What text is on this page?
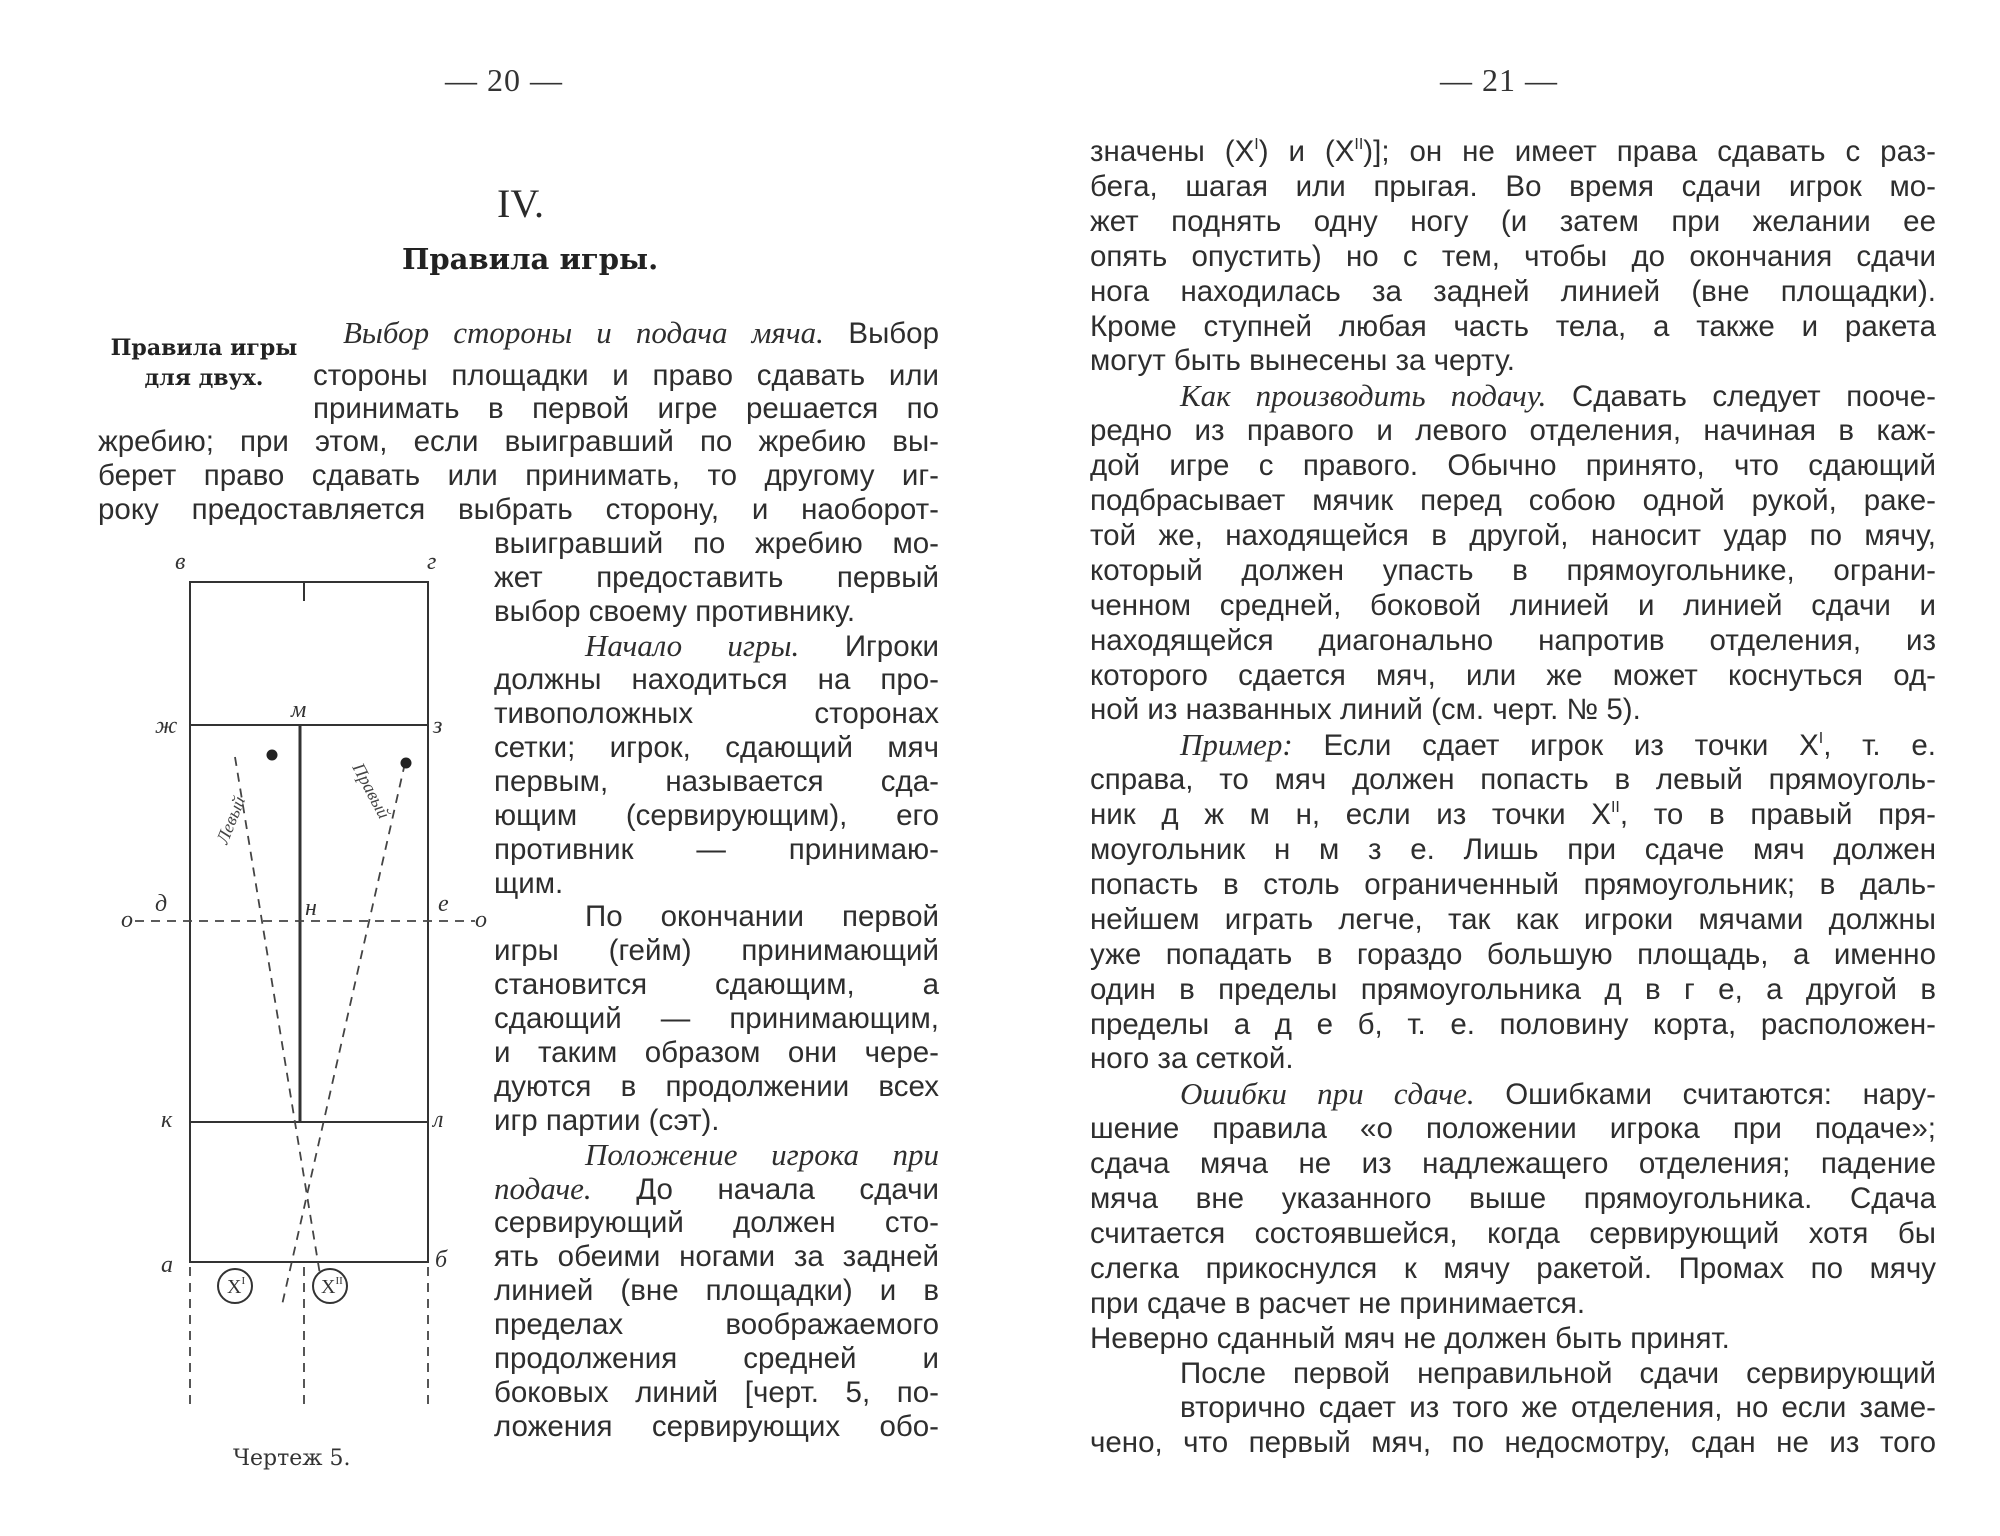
— 20 —
IV.
Правила игры.
Правила игры
для двух.
Выбор стороны и подача мяча. Выбор
стороны площадки и право сдавать или
принимать в первой игре решается по
жребию; при этом, если выигравший по жребию вы-
берет право сдавать или принимать, то другому иг-
року предоставляется выбрать сторону, и наоборот-
выигравший по жребию мо-
жет предоставить первый
выбор своему противнику.
Начало игры. Игроки
должны находиться на про-
тивоположных сторонах
сетки; игрок, сдающий мяч
первым, называется сда-
ющим (сервирующим), его
противник — принимаю-
щим.
По окончании первой
игры (гейм) принимающий
становится сдающим, а
сдающий — принимающим,
и таким образом они чере-
дуются в продолжении всех
игр партии (сэт).
Положение игрока при
подаче. До начала сдачи
сервирующий должен сто-
ять обеими ногами за задней
линией (вне площадки) и в
пределах воображаемого
продолжения средней и
боковых линий [черт. 5, по-
ложения сервирующих обо-
в	г
ж
м
з
о
д	н	е
о
к	л
а	б
Левый	Правый
$X^I$	$X^{II}$
Чертеж 5.
— 21 —
значены $(X^I)$ и $(X^{II})$]; он не имеет права сдавать с раз-
бега, шагая или прыгая. Во время сдачи игрок мо-
жет поднять одну ногу (и затем при желании ее
опять опустить) но с тем, чтобы до окончания сдачи
нога находилась за задней линией (вне площадки).
Кроме ступней любая часть тела, а также и ракета
могут быть вынесены за черту.
Как производить подачу. Сдавать следует пооче-
редно из правого и левого отделения, начиная в каж-
дой игре с правого. Обычно принято, что сдающий
подбрасывает мячик перед собою одной рукой, раке-
той же, находящейся в другой, наносит удар по мячу,
который должен упасть в прямоугольнике, ограни-
ченном средней, боковой линией и линией сдачи и
находящейся диагонально напротив отделения, из
которого сдается мяч, или же может коснуться од-
ной из названных линий (см. черт. № 5).
Пример: Если сдает игрок из точки $X^I$, т. е.
справа, то мяч должен попасть в левый прямоуголь-
ник д ж м н, если из точки $X^{II}$, то в правый пря-
моугольник н м з е. Лишь при сдаче мяч должен
попасть в столь ограниченный прямоугольник; в даль-
нейшем играть легче, так как игроки мячами должны
уже попадать в гораздо большую площадь, а именно
один в пределы прямоугольника д в г е, а другой в
пределы а д е б, т. е. половину корта, расположен-
ного за сеткой.
Ошибки при сдаче. Ошибками считаются: нару-
шение правила «о положении игрока при подаче»;
сдача мяча не из надлежащего отделения; падение
мяча вне указанного выше прямоугольника. Сдача
считается состоявшейся, когда сервирующий хотя бы
слегка прикоснулся к мячу ракетой. Промах по мячу
при сдаче в расчет не принимается.
Неверно сданный мяч не должен быть принят.
После первой неправильной сдачи сервирующий
вторично сдает из того же отделения, но если заме-
чено, что первый мяч, по недосмотру, сдан не из того
